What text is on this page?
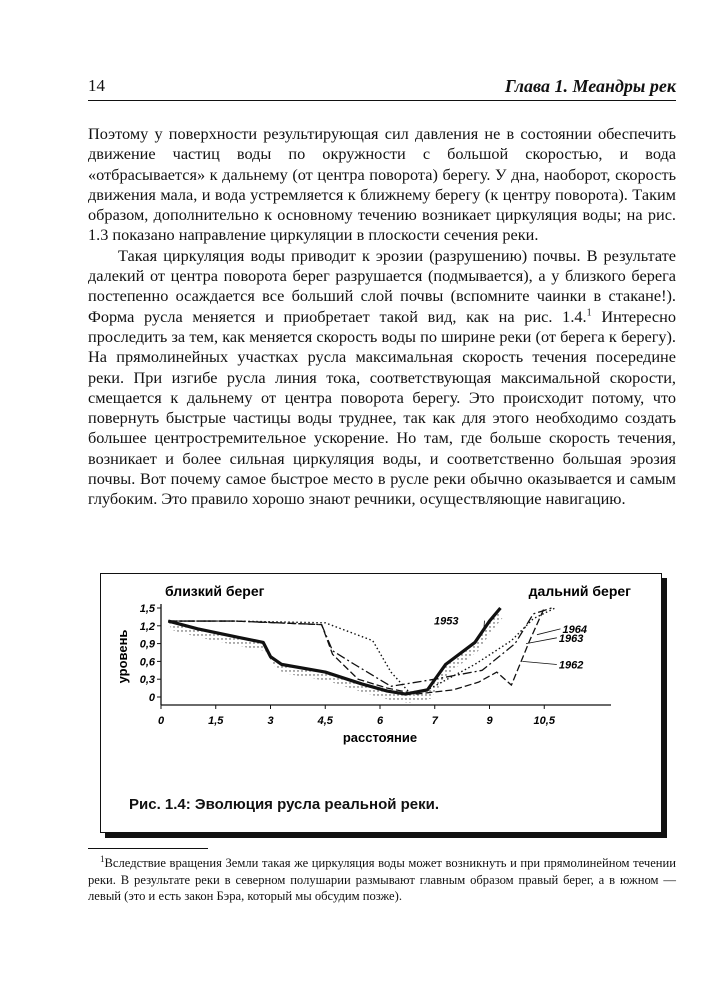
14	Глава 1. Меандры рек

Поэтому у поверхности результирующая сил давления не в состоянии обеспечить движение частиц воды по окружности с большой скоростью, и вода «отбрасывается» к дальнему (от центра поворота) берегу. У дна, наоборот, скорость движения мала, и вода устремляется к ближнему берегу (к центру поворота). Таким образом, дополнительно к основному течению возникает циркуляция воды; на рис. 1.3 показано направление циркуляции в плоскости сечения реки.

Такая циркуляция воды приводит к эрозии (разрушению) почвы. В результате далекий от центра поворота берег разрушается (подмывается), а у близкого берега постепенно осаждается все больший слой почвы (вспомните чаинки в стакане!). Форма русла меняется и приобретает такой вид, как на рис. 1.4.$^1$ Интересно проследить за тем, как меняется скорость воды по ширине реки (от берега к берегу). На прямолинейных участках русла максимальная скорость течения посередине реки. При изгибе русла линия тока, соответствующая максимальной скорости, смещается к дальнему от центра поворота берегу. Это происходит потому, что повернуть быстрые частицы воды труднее, так как для этого необходимо создать большее центростремительное ускорение. Но там, где больше скорость течения, возникает и более сильная циркуляция воды, и соответственно большая эрозия почвы. Вот почему самое быстрое место в русле реки обычно оказывается и самым глубоким. Это правило хорошо знают речники, осуществляющие навигацию.

1,5
1,2
0,9
0,6
0,3
0
0	1,5	3	4,5	6	7	9	10,5
расстояние
уровень
близкий берег	дальний берег
1953
1964
1963
1962
Рис. 1.4: Эволюция русла реальной реки.
$^1$Вследствие вращения Земли такая же циркуляция воды может возникнуть и при прямолинейном течении реки. В результате реки в северном полушарии размывают главным образом правый берег, а в южном — левый (это и есть закон Бэра, который мы обсудим позже).
